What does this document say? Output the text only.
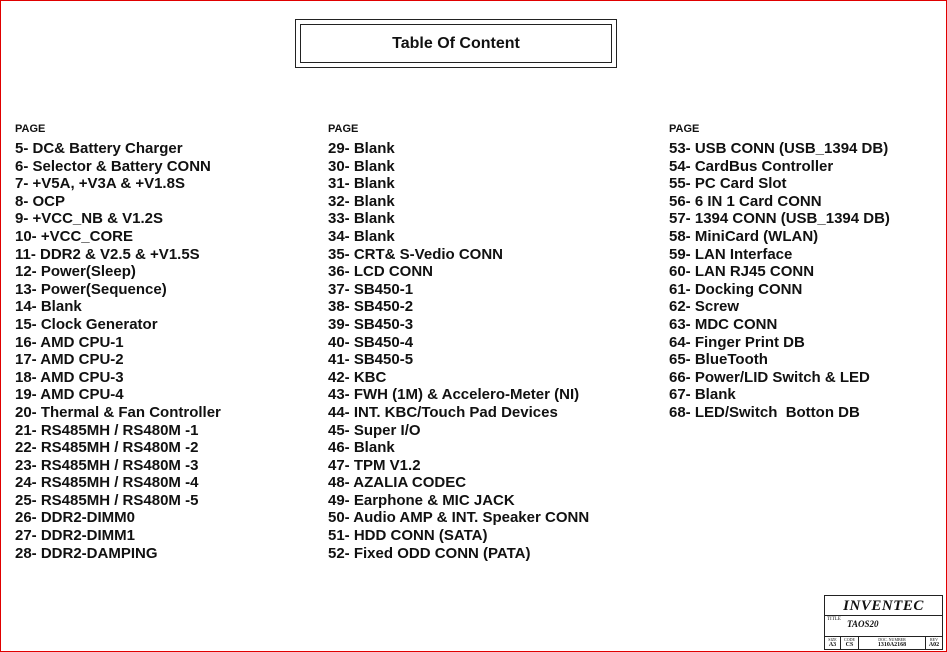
Table Of Content
PAGE
5- DC& Battery Charger
6- Selector & Battery CONN
7- +V5A, +V3A & +V1.8S
8- OCP
9- +VCC_NB & V1.2S
10- +VCC_CORE
11- DDR2 & V2.5 & +V1.5S
12- Power(Sleep)
13- Power(Sequence)
14- Blank
15- Clock Generator
16- AMD CPU-1
17- AMD CPU-2
18- AMD CPU-3
19- AMD CPU-4
20- Thermal & Fan Controller
21- RS485MH / RS480M -1
22- RS485MH / RS480M -2
23- RS485MH / RS480M -3
24- RS485MH / RS480M -4
25- RS485MH / RS480M -5
26- DDR2-DIMM0
27- DDR2-DIMM1
28- DDR2-DAMPING
PAGE
29- Blank
30- Blank
31- Blank
32- Blank
33- Blank
34- Blank
35- CRT& S-Vedio CONN
36- LCD CONN
37- SB450-1
38- SB450-2
39- SB450-3
40- SB450-4
41- SB450-5
42- KBC
43- FWH (1M) & Accelero-Meter (NI)
44- INT. KBC/Touch Pad Devices
45- Super I/O
46- Blank
47- TPM V1.2
48- AZALIA CODEC
49- Earphone & MIC JACK
50- Audio AMP & INT. Speaker CONN
51- HDD CONN (SATA)
52- Fixed ODD CONN (PATA)
PAGE
53- USB CONN (USB_1394 DB)
54- CardBus Controller
55- PC Card Slot
56- 6 IN 1 Card CONN
57- 1394 CONN (USB_1394 DB)
58- MiniCard (WLAN)
59- LAN Interface
60- LAN RJ45 CONN
61- Docking CONN
62- Screw
63- MDC CONN
64- Finger Print DB
65- BlueTooth
66- Power/LID Switch & LED
67- Blank
68- LED/Switch  Botton DB
INVENTEC
TITLE TAOS20
SIZE
A3
CODE
CS
DOC. NUMBER
1310A2168
REV
A02
